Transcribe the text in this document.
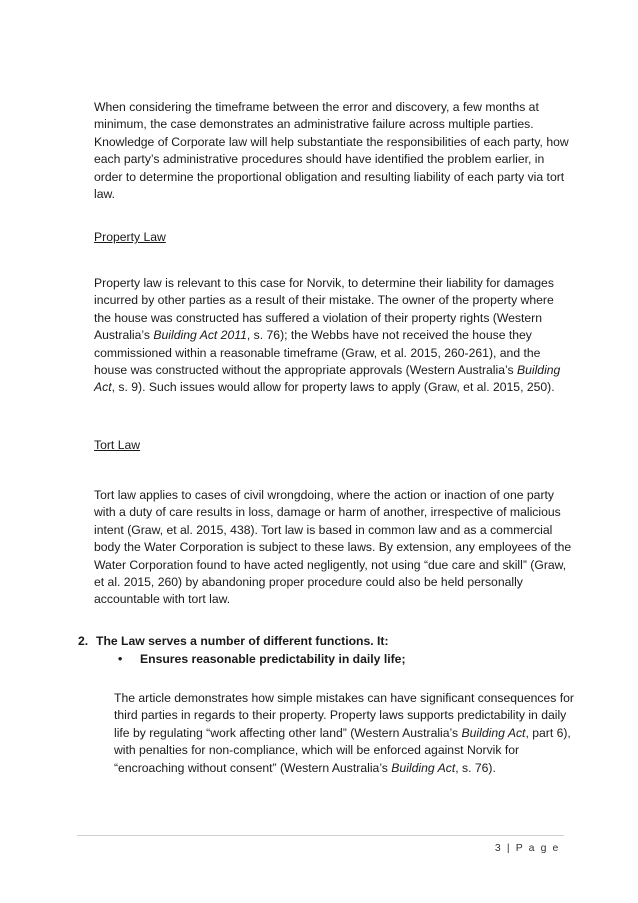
When considering the timeframe between the error and discovery, a few months at minimum, the case demonstrates an administrative failure across multiple parties. Knowledge of Corporate law will help substantiate the responsibilities of each party, how each party’s administrative procedures should have identified the problem earlier, in order to determine the proportional obligation and resulting liability of each party via tort law.

Property Law

Property law is relevant to this case for Norvik, to determine their liability for damages incurred by other parties as a result of their mistake. The owner of the property where the house was constructed has suffered a violation of their property rights (Western Australia’s Building Act 2011, s. 76); the Webbs have not received the house they commissioned within a reasonable timeframe (Graw, et al. 2015, 260-261), and the house was constructed without the appropriate approvals (Western Australia’s Building Act, s. 9). Such issues would allow for property laws to apply (Graw, et al. 2015, 250).

Tort Law

Tort law applies to cases of civil wrongdoing, where the action or inaction of one party with a duty of care results in loss, damage or harm of another, irrespective of malicious intent (Graw, et al. 2015, 438). Tort law is based in common law and as a commercial body the Water Corporation is subject to these laws. By extension, any employees of the Water Corporation found to have acted negligently, not using “due care and skill” (Graw, et al. 2015, 260) by abandoning proper procedure could also be held personally accountable with tort law.

2. The Law serves a number of different functions. It:

• Ensures reasonable predictability in daily life;

The article demonstrates how simple mistakes can have significant consequences for third parties in regards to their property. Property laws supports predictability in daily life by regulating “work affecting other land” (Western Australia’s Building Act, part 6), with penalties for non-compliance, which will be enforced against Norvik for “encroaching without consent” (Western Australia’s Building Act, s. 76).

3 | P a g e
